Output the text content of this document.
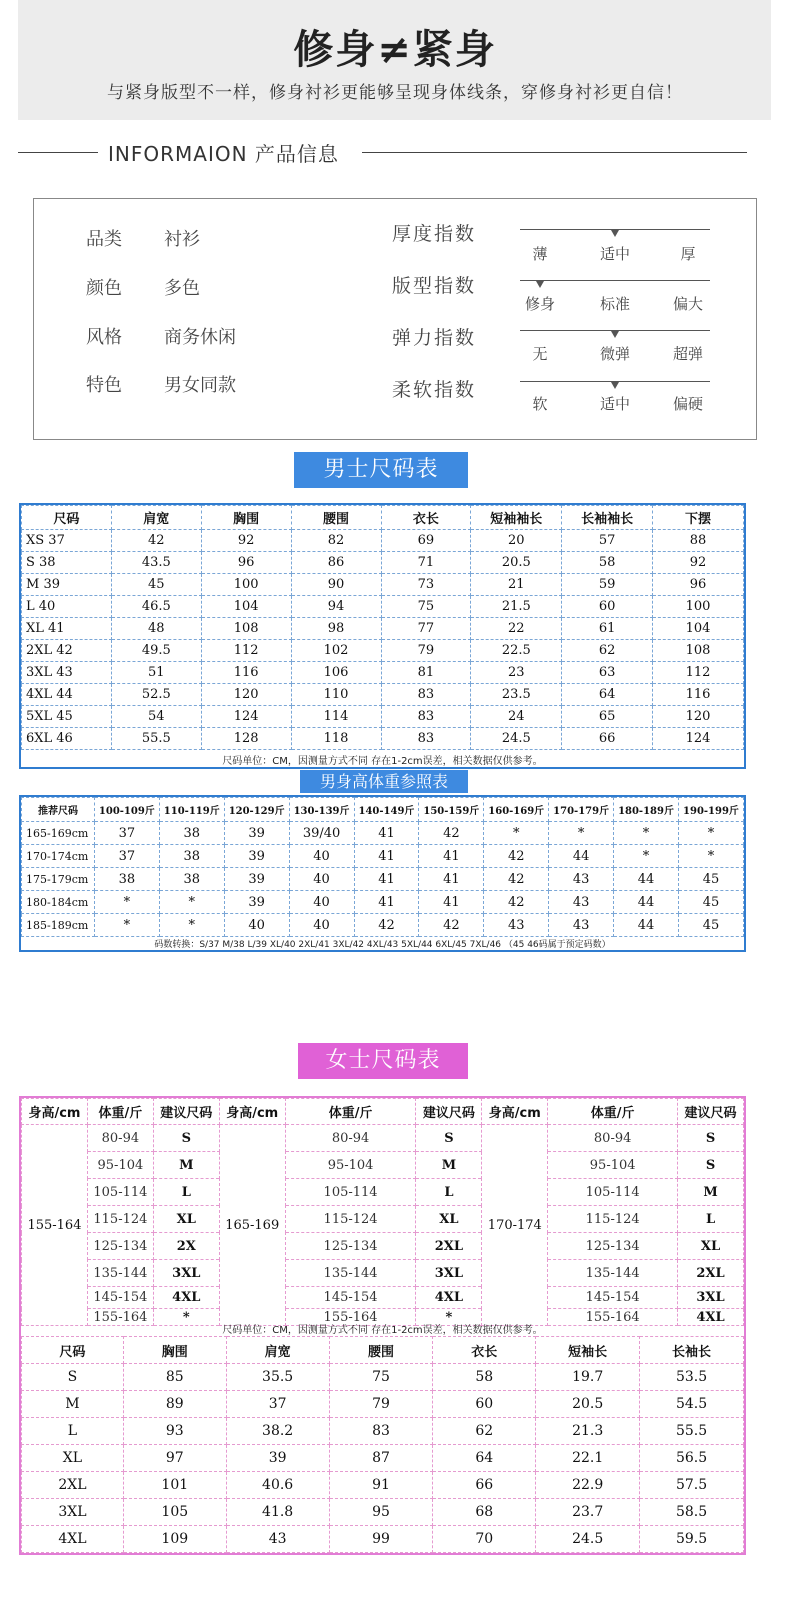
修身≠紧身
与紧身版型不一样，修身衬衫更能够呈现身体线条，穿修身衬衫更自信！
INFORMAION 产品信息
品类 衬衫
颜色 多色
风格 商务休闲
特色 男女同款
厚度指数
版型指数
弹力指数
柔软指数
薄	适中	厚
修身	标准	偏大
无	微弹	超弹
软	适中	偏硬
男士尺码表
尺码	肩宽	胸围	腰围	衣长	短袖袖长	长袖袖长	下摆
XS 37	42	92	82	69	20	57	88
S 38	43.5	96	86	71	20.5	58	92
M 39	45	100	90	73	21	59	96
L 40	46.5	104	94	75	21.5	60	100
XL 41	48	108	98	77	22	61	104
2XL 42	49.5	112	102	79	22.5	62	108
3XL 43	51	116	106	81	23	63	112
4XL 44	52.5	120	110	83	23.5	64	116
5XL 45	54	124	114	83	24	65	120
6XL 46	55.5	128	118	83	24.5	66	124
尺码单位：CM，因测量方式不同 存在1-2cm误差，相关数据仅供参考。
男身高体重参照表
推荐尺码	100-109斤	110-119斤	120-129斤	130-139斤	140-149斤	150-159斤	160-169斤	170-179斤	180-189斤	190-199斤
165-169cm	37	38	39	39/40	41	42	*	*	*	*
170-174cm	37	38	39	40	41	41	42	44	*	*
175-179cm	38	38	39	40	41	41	42	43	44	45
180-184cm	*	*	39	40	41	41	42	43	44	45
185-189cm	*	*	40	40	42	42	43	43	44	45
码数转换：S/37 M/38 L/39 XL/40 2XL/41 3XL/42 4XL/43 5XL/44 6XL/45 7XL/46 （45 46码属于预定码数）
女士尺码表
身高/cm	体重/斤	建议尺码	身高/cm	体重/斤	建议尺码	身高/cm	体重/斤	建议尺码
155-164	80-94	S	165-169	80-94	S	170-174	80-94	S
	95-104	M		95-104	M		95-104	S
	105-114	L		105-114	L		105-114	M
	115-124	XL		115-124	XL		115-124	L
	125-134	2X		125-134	2XL		125-134	XL
	135-144	3XL		135-144	3XL		135-144	2XL
	145-154	4XL		145-154	4XL		145-154	3XL
	155-164	*		155-164	*		155-164	4XL
尺码单位：CM，因测量方式不同 存在1-2cm误差，相关数据仅供参考。
尺码	胸围	肩宽	腰围	衣长	短袖长	长袖长
S	85	35.5	75	58	19.7	53.5
M	89	37	79	60	20.5	54.5
L	93	38.2	83	62	21.3	55.5
XL	97	39	87	64	22.1	56.5
2XL	101	40.6	91	66	22.9	57.5
3XL	105	41.8	95	68	23.7	58.5
4XL	109	43	99	70	24.5	59.5
